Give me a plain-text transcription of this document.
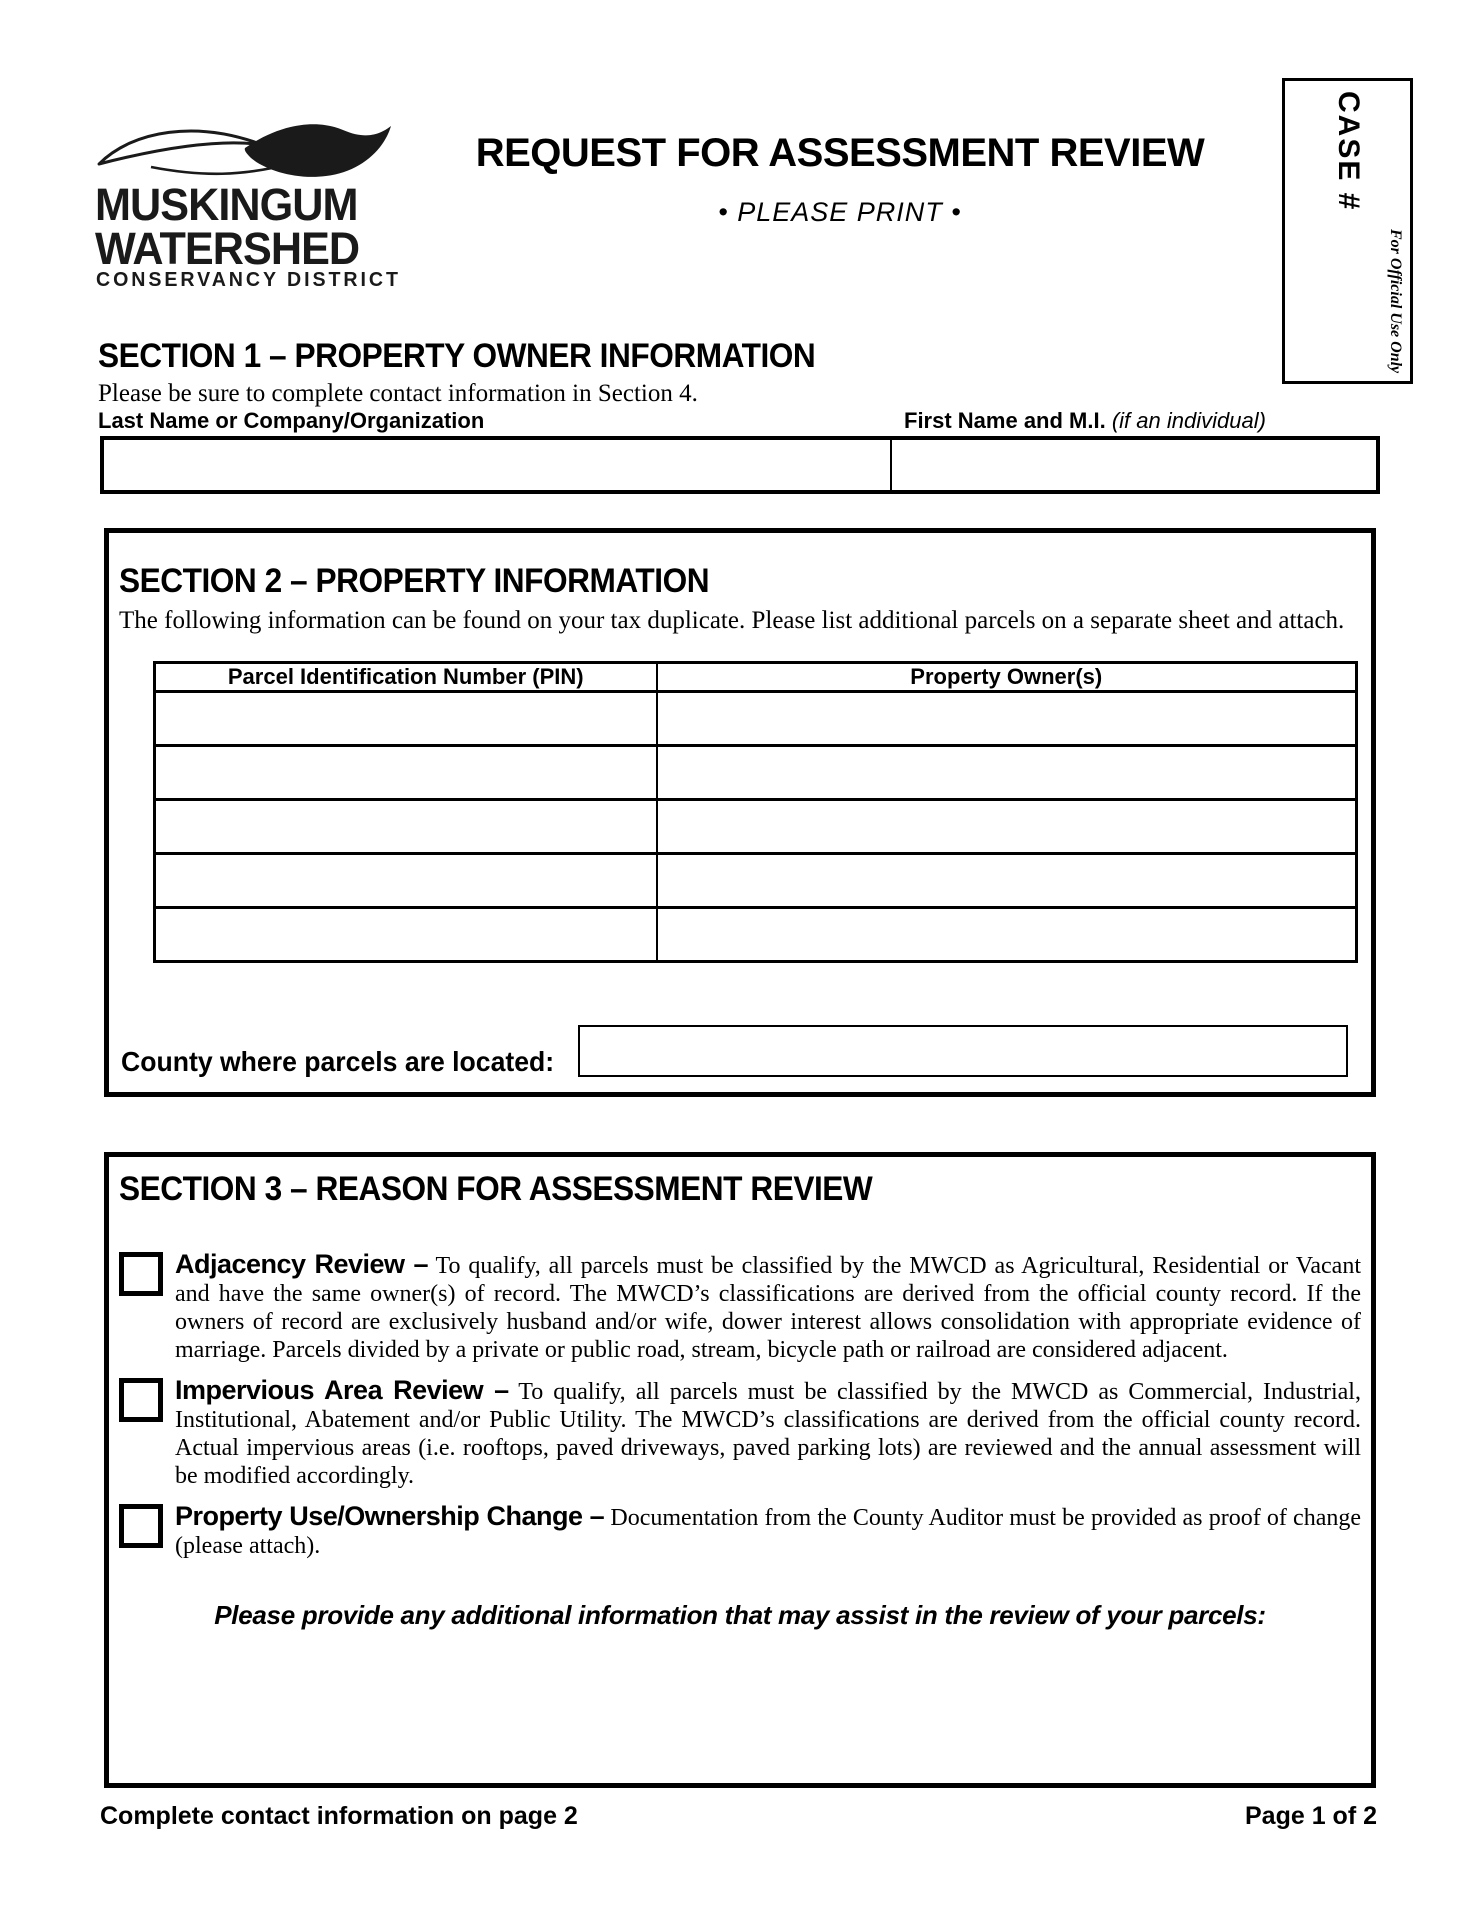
MUSKINGUM
WATERSHED
CONSERVANCY DISTRICT
REQUEST FOR ASSESSMENT REVIEW
• PLEASE PRINT •
CASE #
For Official Use Only
SECTION 1 – PROPERTY OWNER INFORMATION
Please be sure to complete contact information in Section 4.
Last Name or Company/Organization	First Name and M.I. (if an individual)
SECTION 2 – PROPERTY INFORMATION
The following information can be found on your tax duplicate. Please list additional parcels on a separate sheet and attach.
Parcel Identification Number (PIN)	Property Owner(s)

County where parcels are located:
SECTION 3 – REASON FOR ASSESSMENT REVIEW
Adjacency Review – To qualify, all parcels must be classified by the MWCD as Agricultural, Residential or Vacant and have the same owner(s) of record. The MWCD’s classifications are derived from the official county record. If the owners of record are exclusively husband and/or wife, dower interest allows consolidation with appropriate evidence of marriage. Parcels divided by a private or public road, stream, bicycle path or railroad are considered adjacent.
Impervious Area Review – To qualify, all parcels must be classified by the MWCD as Commercial, Industrial, Institutional, Abatement and/or Public Utility. The MWCD’s classifications are derived from the official county record. Actual impervious areas (i.e. rooftops, paved driveways, paved parking lots) are reviewed and the annual assessment will be modified accordingly.
Property Use/Ownership Change – Documentation from the County Auditor must be provided as proof of change (please attach).
Please provide any additional information that may assist in the review of your parcels:
Complete contact information on page 2	Page 1 of 2
